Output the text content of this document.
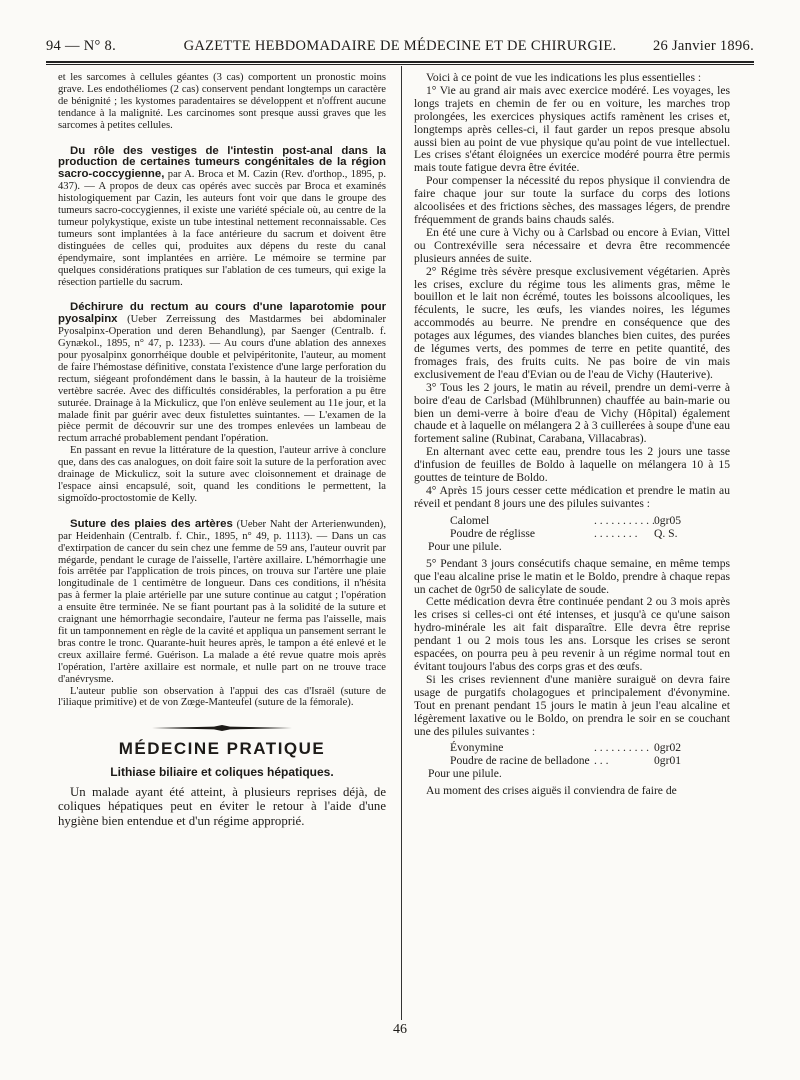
94 — N° 8.	GAZETTE HEBDOMADAIRE DE MÉDECINE ET DE CHIRURGIE.	26 Janvier 1896.

et les sarcomes à cellules géantes (3 cas) comportent un pronostic moins grave. Les endothéliomes (2 cas) conservent pendant longtemps un caractère de bénignité ; les kystomes paradentaires se développent et n'offrent aucune tendance à la malignité. Les carcinomes sont presque aussi graves que les sarcomes à petites cellules.

Du rôle des vestiges de l'intestin post-anal dans la production de certaines tumeurs congénitales de la région sacro-coccygienne, par A. Broca et M. Cazin (Rev. d'orthop., 1895, p. 437). — A propos de deux cas opérés avec succès par Broca et examinés histologiquement par Cazin, les auteurs font voir que dans le groupe des tumeurs sacro-coccygiennes, il existe une variété spéciale où, au centre de la tumeur polykystique, existe un tube intestinal nettement reconnaissable. Ces tumeurs sont implantées à la face antérieure du sacrum et doivent être distinguées de celles qui, produites aux dépens du reste du canal épendymaire, sont implantées en arrière. Le mémoire se termine par quelques considérations pratiques sur l'ablation de ces tumeurs, qui exige la résection partielle du sacrum.

Déchirure du rectum au cours d'une laparotomie pour pyosalpinx (Ueber Zerreissung des Mastdarmes bei abdominaler Pyosalpinx-Operation und deren Behandlung), par Saenger (Centralb. f. Gynækol., 1895, n° 47, p. 1233). — Au cours d'une ablation des annexes pour pyosalpinx gonorrhéique double et pelvipéritonite, l'auteur, au moment de faire l'hémostase définitive, constata l'existence d'une large perforation du rectum, siégeant profondément dans le bassin, à la hauteur de la troisième vertèbre sacrée. Avec des difficultés considérables, la perforation a pu être suturée. Drainage à la Mickulicz, que l'on enlève seulement au 11e jour, et la malade finit par guérir avec deux fistulettes suintantes. — L'examen de la pièce permit de découvrir sur une des trompes enlevées un lambeau de rectum arraché probablement pendant l'opération.

En passant en revue la littérature de la question, l'auteur arrive à conclure que, dans des cas analogues, on doit faire soit la suture de la perforation avec drainage de Mickulicz, soit la suture avec cloisonnement et drainage de l'espace ainsi encapsulé, soit, quand les conditions le permettent, la sigmoïdo-proctostomie de Kelly.

Suture des plaies des artères (Ueber Naht der Arterienwunden), par Heidenhain (Centralb. f. Chir., 1895, n° 49, p. 1113). — Dans un cas d'extirpation de cancer du sein chez une femme de 59 ans, l'auteur ouvrit par mégarde, pendant le curage de l'aisselle, l'artère axillaire. L'hémorrhagie une fois arrêtée par l'application de trois pinces, on trouva sur l'artère une plaie longitudinale de 1 centimètre de longueur. Dans ces conditions, il n'hésita pas à fermer la plaie artérielle par une suture continue au catgut ; l'opération a ensuite être terminée. Ne se fiant pourtant pas à la solidité de la suture et craignant une hémorrhagie secondaire, l'auteur ne ferma pas l'aisselle, mais fit un tamponnement en règle de la cavité et appliqua un pansement serrant le bras contre le tronc. Quarante-huit heures après, le tampon a été enlevé et le creux axillaire fermé. Guérison. La malade a été revue quatre mois après l'opération, l'artère axillaire est normale, et nulle part on ne trouve trace d'anévrysme.

L'auteur publie son observation à l'appui des cas d'Israël (suture de l'iliaque primitive) et de von Zœge-Manteufel (suture de la fémorale).

MÉDECINE PRATIQUE
Lithiase biliaire et coliques hépatiques.

Un malade ayant été atteint, à plusieurs reprises déjà, de coliques hépatiques peut en éviter le retour à l'aide d'une hygiène bien entendue et d'un régime approprié.

Voici à ce point de vue les indications les plus essentielles :

1° Vie au grand air mais avec exercice modéré. Les voyages, les longs trajets en chemin de fer ou en voiture, les marches trop prolongées, les exercices physiques actifs ramènent les crises et, longtemps après celles-ci, il faut garder un repos presque absolu aussi bien au point de vue physique qu'au point de vue intellectuel. Les crises s'étant éloignées un exercice modéré pourra être permis mais toute fatigue devra être évitée.

Pour compenser la nécessité du repos physique il conviendra de faire chaque jour sur toute la surface du corps des lotions alcoolisées et des frictions sèches, des massages légers, de prendre fréquemment de grands bains chauds salés.

En été une cure à Vichy ou à Carlsbad ou encore à Evian, Vittel ou Contrexéville sera nécessaire et devra être recommencée plusieurs années de suite.

2° Régime très sévère presque exclusivement végétarien. Après les crises, exclure du régime tous les aliments gras, même le bouillon et le lait non écrémé, toutes les boissons alcooliques, les féculents, le sucre, les œufs, les viandes noires, les légumes accommodés au beurre. Ne prendre en conséquence que des potages aux légumes, des viandes blanches bien cuites, des purées de légumes verts, des pommes de terre en petite quantité, des fromages frais, des fruits cuits. Ne pas boire de vin mais exclusivement de l'eau d'Evian ou de l'eau de Vichy (Hauterive).

3° Tous les 2 jours, le matin au réveil, prendre un demi-verre à boire d'eau de Carlsbad (Mühlbrunnen) chauffée au bain-marie ou bien un demi-verre à boire d'eau de Vichy (Hôpital) également chaude et à laquelle on mélangera 2 à 3 cuillerées à soupe d'une eau fortement saline (Rubinat, Carabana, Villacabras).

En alternant avec cette eau, prendre tous les 2 jours une tasse d'infusion de feuilles de Boldo à laquelle on mélangera 10 à 15 gouttes de teinture de Boldo.

4° Après 15 jours cesser cette médication et prendre le matin au réveil et pendant 8 jours une des pilules suivantes :

Calomel	. . . . . . . . . . . 0gr05
Poudre de réglisse	. . . . . . . . Q. S.
Pour une pilule.

5° Pendant 3 jours consécutifs chaque semaine, en même temps que l'eau alcaline prise le matin et le Boldo, prendre à chaque repas un cachet de 0gr50 de salicylate de soude.

Cette médication devra être continuée pendant 2 ou 3 mois après les crises si celles-ci ont été intenses, et jusqu'à ce qu'une saison hydro-minérale les ait fait disparaître. Elle devra être reprise pendant 1 ou 2 mois tous les ans. Lorsque les crises se seront espacées, on pourra peu à peu revenir à un régime normal tout en évitant toujours l'abus des corps gras et des œufs.

Si les crises reviennent d'une manière suraiguë on devra faire usage de purgatifs cholagogues et principalement d'évonymine. Tout en prenant pendant 15 jours le matin à jeun l'eau alcaline et légèrement laxative ou le Boldo, on prendra le soir en se couchant une des pilules suivantes :

Évonymine	. . . . . . . . . . 0gr02
Poudre de racine de belladone . . .	0gr01
Pour une pilule.

Au moment des crises aiguës il conviendra de faire de

46
